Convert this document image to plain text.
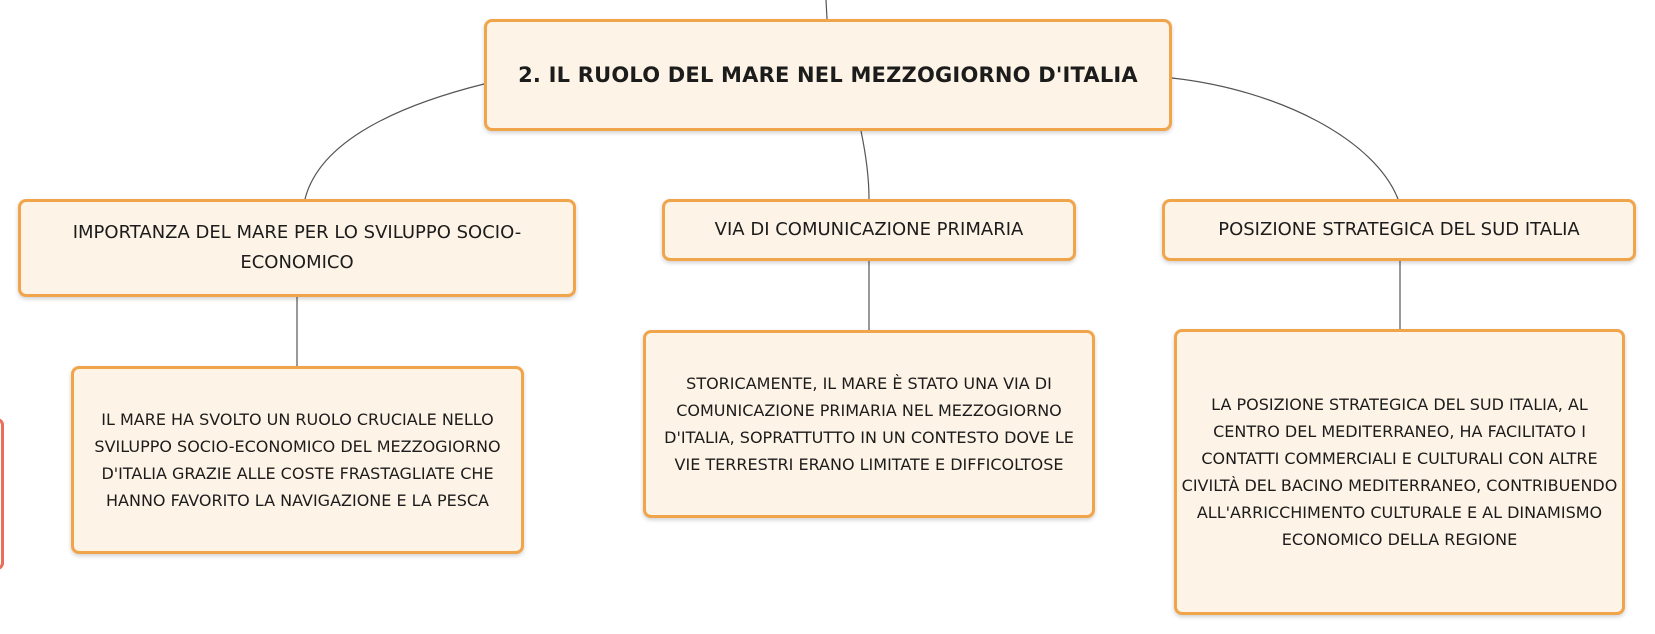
2. IL RUOLO DEL MARE NEL MEZZOGIORNO D'ITALIA
IMPORTANZA DEL MARE PER LO SVILUPPO SOCIO-ECONOMICO
VIA DI COMUNICAZIONE PRIMARIA	POSIZIONE STRATEGICA DEL SUD ITALIA
IL MARE HA SVOLTO UN RUOLO CRUCIALE NELLO SVILUPPO SOCIO-ECONOMICO DEL MEZZOGIORNO D'ITALIA GRAZIE ALLE COSTE FRASTAGLIATE CHE HANNO FAVORITO LA NAVIGAZIONE E LA PESCA
STORICAMENTE, IL MARE È STATO UNA VIA DI COMUNICAZIONE PRIMARIA NEL MEZZOGIORNO D'ITALIA, SOPRATTUTTO IN UN CONTESTO DOVE LE VIE TERRESTRI ERANO LIMITATE E DIFFICOLTOSE
LA POSIZIONE STRATEGICA DEL SUD ITALIA, AL CENTRO DEL MEDITERRANEO, HA FACILITATO I CONTATTI COMMERCIALI E CULTURALI CON ALTRE CIVILTÀ DEL BACINO MEDITERRANEO, CONTRIBUENDO ALL'ARRICCHIMENTO CULTURALE E AL DINAMISMO ECONOMICO DELLA REGIONE
